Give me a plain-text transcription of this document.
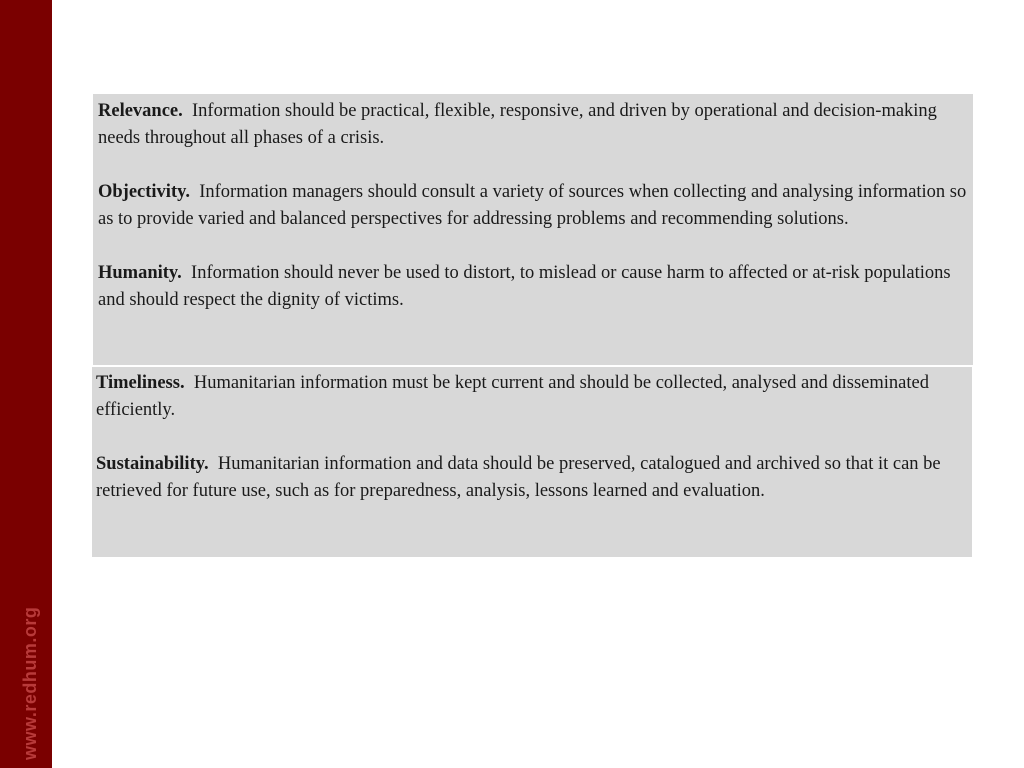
www.redhum.org
Relevance. Information should be practical, flexible, responsive, and driven by operational and decision-making needs throughout all phases of a crisis.
Objectivity. Information managers should consult a variety of sources when collecting and analysing information so as to provide varied and balanced perspectives for addressing problems and recommending solutions.
Humanity. Information should never be used to distort, to mislead or cause harm to affected or at-risk populations and should respect the dignity of victims.
Timeliness. Humanitarian information must be kept current and should be collected, analysed and disseminated efficiently.
Sustainability. Humanitarian information and data should be preserved, catalogued and archived so that it can be retrieved for future use, such as for preparedness, analysis, lessons learned and evaluation.
